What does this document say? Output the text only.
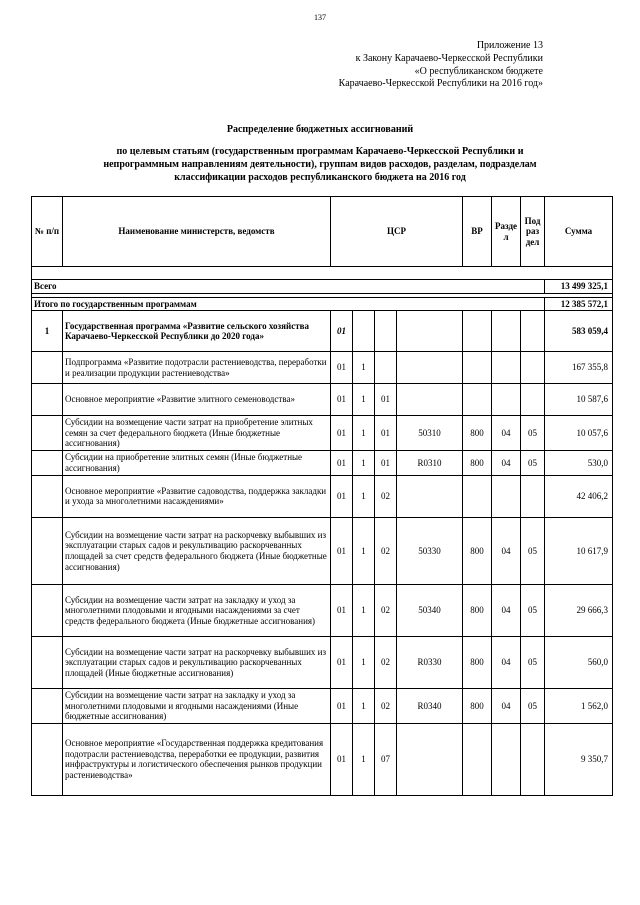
137
Приложение 13
к Закону Карачаево-Черкесской Республики
«О республиканском бюджете
Карачаево-Черкесской Республики на 2016 год»
Распределение бюджетных ассигнований
по целевым статьям (государственным программам Карачаево-Черкесской Республики и
непрограммным направлениям деятельности), группам видов расходов, разделам, подразделам
классификации расходов республиканского бюджета на 2016 год
№ п/п	Наименование министерств, ведомств	ЦСР				ВР	Разде л	Под раз дел	Сумма

Всего									13 499 325,1

Итого по государственным программам									12 385 572,1
1	Государственная программа «Развитие сельского хозяйства Карачаево-Черкесской Республики до 2020 года»	01							583 059,4
	Подпрограмма «Развитие подотрасли растениеводства, переработки и реализации продукции растениеводства»	01	1						167 355,8
	Основное мероприятие «Развитие элитного семеноводства»	01	1	01					10 587,6
	Субсидии на возмещение части затрат на приобретение элитных семян за счет федерального бюджета (Иные бюджетные ассигнования)	01	1	01	50310	800	04	05	10 057,6
	Субсидии на приобретение элитных семян (Иные бюджетные ассигнования)	01	1	01	R0310	800	04	05	530,0
	Основное мероприятие «Развитие садоводства, поддержка закладки и ухода за многолетними насаждениями»	01	1	02					42 406,2
	Субсидии на возмещение части затрат на раскорчевку выбывших из эксплуатации старых садов и рекультивацию раскорчеванных площадей за счет средств федерального бюджета (Иные бюджетные ассигнования)	01	1	02	50330	800	04	05	10 617,9
	Субсидии на возмещение части затрат на закладку и уход за многолетними плодовыми и ягодными насаждениями за счет средств федерального бюджета (Иные бюджетные ассигнования)	01	1	02	50340	800	04	05	29 666,3
	Субсидии на возмещение части затрат на раскорчевку выбывших из эксплуатации старых садов и рекультивацию раскорчеванных площадей (Иные бюджетные ассигнования)	01	1	02	R0330	800	04	05	560,0
	Субсидии на возмещение части затрат на закладку и уход за многолетними плодовыми и ягодными насаждениями (Иные бюджетные ассигнования)	01	1	02	R0340	800	04	05	1 562,0
	Основное мероприятие «Государственная поддержка кредитования подотрасли растениеводства, переработки ее продукции, развития инфраструктуры и логистического обеспечения рынков продукции растениеводства»	01	1	07					9 350,7
